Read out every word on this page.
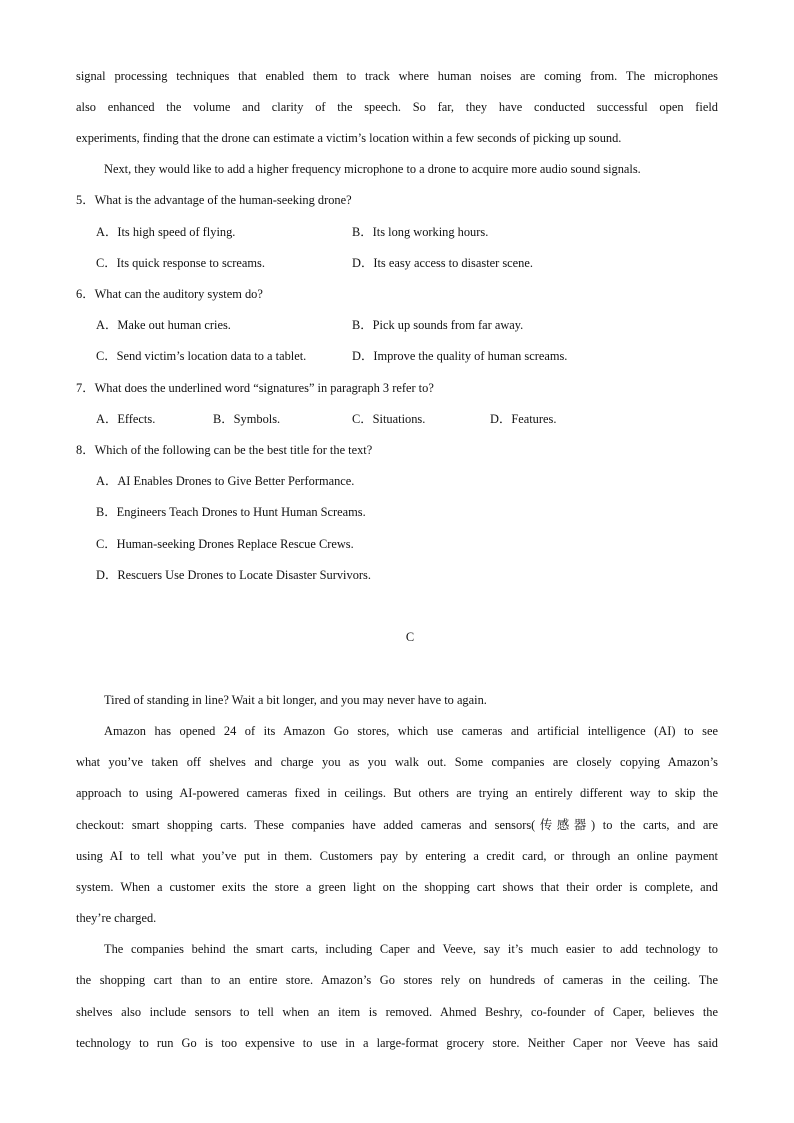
signal processing techniques that enabled them to track where human noises are coming from. The microphones
also enhanced the volume and clarity of the speech. So far, they have conducted successful open field
experiments, finding that the drone can estimate a victim’s location within a few seconds of picking up sound.
Next, they would like to add a higher frequency microphone to a drone to acquire more audio sound signals.
5．What is the advantage of the human-seeking drone?
A．Its high speed of flying.	B．Its long working hours.
C．Its quick response to screams.	D．Its easy access to disaster scene.
6．What can the auditory system do?
A．Make out human cries.	B．Pick up sounds from far away.
C．Send victim’s location data to a tablet.	D．Improve the quality of human screams.
7．What does the underlined word “signatures” in paragraph 3 refer to?
A．Effects.	B．Symbols.	C．Situations.	D．Features.
8．Which of the following can be the best title for the text?
A．AI Enables Drones to Give Better Performance.
B．Engineers Teach Drones to Hunt Human Screams.
C．Human-seeking Drones Replace Rescue Crews.
D．Rescuers Use Drones to Locate Disaster Survivors.
C
Tired of standing in line? Wait a bit longer, and you may never have to again.
Amazon has opened 24 of its Amazon Go stores, which use cameras and artificial intelligence (AI) to see
what you’ve taken off shelves and charge you as you walk out. Some companies are closely copying Amazon’s
approach to using AI-powered cameras fixed in ceilings. But others are trying an entirely different way to skip the
checkout: smart shopping carts. These companies have added cameras and sensors(传感器) to the carts, and are
using AI to tell what you’ve put in them. Customers pay by entering a credit card, or through an online payment
system. When a customer exits the store a green light on the shopping cart shows that their order is complete, and
they’re charged.
The companies behind the smart carts, including Caper and Veeve, say it’s much easier to add technology to
the shopping cart than to an entire store. Amazon’s Go stores rely on hundreds of cameras in the ceiling. The
shelves also include sensors to tell when an item is removed. Ahmed Beshry, co-founder of Caper, believes the
technology to run Go is too expensive to use in a large-format grocery store. Neither Caper nor Veeve has said
